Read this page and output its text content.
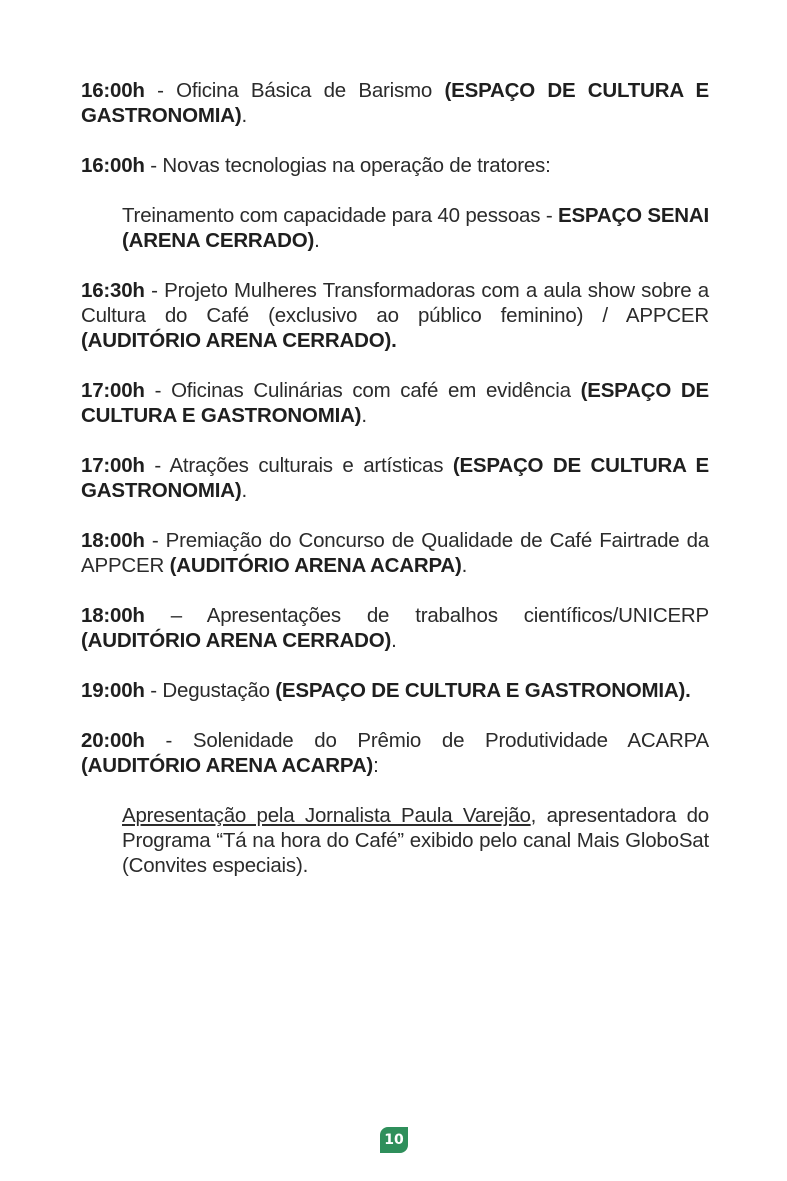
16:00h - Oficina Básica de Barismo (ESPAÇO DE CULTURA E GASTRONOMIA).

16:00h - Novas tecnologias na operação de tratores:

Treinamento com capacidade para 40 pessoas - ESPAÇO SENAI (ARENA CERRADO).

16:30h - Projeto Mulheres Transformadoras com a aula show sobre a Cultura do Café (exclusivo ao público feminino) / APPCER (AUDITÓRIO ARENA CERRADO).

17:00h - Oficinas Culinárias com café em evidência (ESPAÇO DE CULTURA E GASTRONOMIA).

17:00h - Atrações culturais e artísticas (ESPAÇO DE CULTURA E GASTRONOMIA).

18:00h - Premiação do Concurso de Qualidade de Café Fairtrade da APPCER (AUDITÓRIO ARENA ACARPA).

18:00h – Apresentações de trabalhos científicos/UNICERP (AUDITÓRIO ARENA CERRADO).

19:00h - Degustação (ESPAÇO DE CULTURA E GASTRONOMIA).

20:00h - Solenidade do Prêmio de Produtividade ACARPA (AUDITÓRIO ARENA ACARPA):

Apresentação pela Jornalista Paula Varejão, apresentadora do Programa “Tá na hora do Café” exibido pelo canal Mais GloboSat (Convites especiais).

10
